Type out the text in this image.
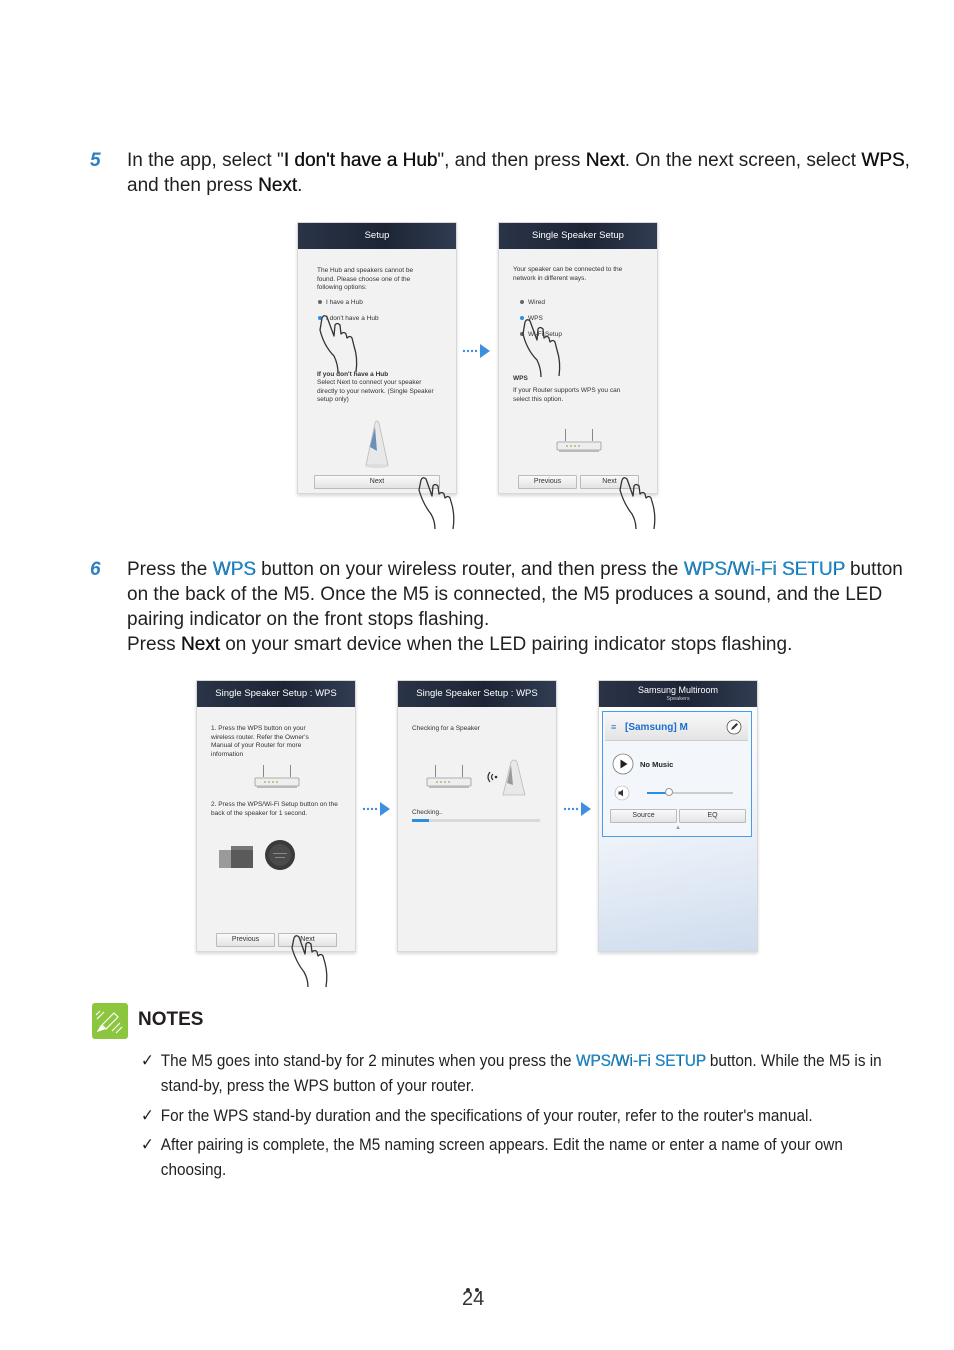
5 In the app, select "I don't have a Hub", and then press Next. On the next screen, select WPS, and then press Next.
Setup
The Hub and speakers cannot be found. Please choose one of the following options:
I have a Hub
I don't have a Hub
If you don't have a Hub
Select Next to connect your speaker directly to your network. (Single Speaker setup only)
Next
Single Speaker Setup
Your speaker can be connected to the network in different ways.
Wired
WPS
Wi-Fi Setup
WPS
If your Router supports WPS you can select this option.
Previous	Next
6 Press the WPS button on your wireless router, and then press the WPS/Wi-Fi SETUP button on the back of the M5. Once the M5 is connected, the M5 produces a sound, and the LED pairing indicator on the front stops flashing.
Press Next on your smart device when the LED pairing indicator stops flashing.
Single Speaker Setup : WPS
1. Press the WPS button on your wireless router. Refer the Owner's Manual of your Router for more information
2. Press the WPS/Wi-Fi Setup button on the back of the speaker for 1 second.
Previous	Next
Single Speaker Setup : WPS
Checking for a Speaker
Checking..
Samsung Multiroom
Speakers
≡ [Samsung] M
No Music
Source	EQ
▲
NOTES
✓ The M5 goes into stand-by for 2 minutes when you press the WPS/Wi-Fi SETUP button. While the M5 is in stand-by, press the WPS button of your router.
✓ For the WPS stand-by duration and the specifications of your router, refer to the router's manual.
✓ After pairing is complete, the M5 naming screen appears. Edit the name or enter a name of your own choosing.
24
